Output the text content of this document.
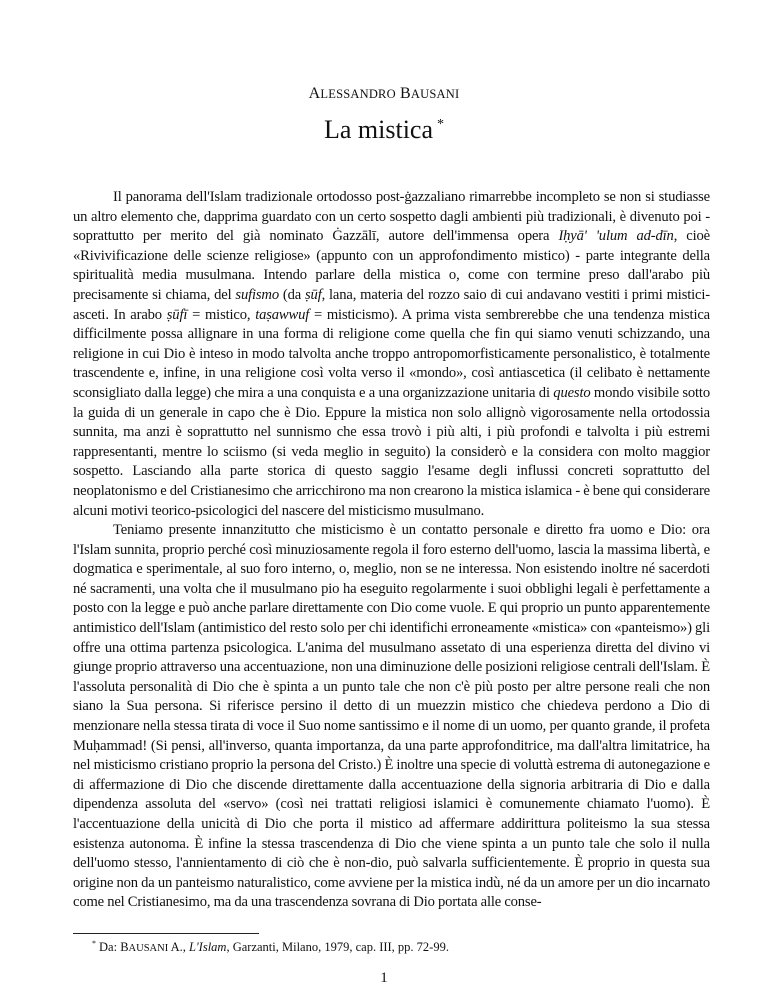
ALESSANDRO BAUSANI
La mistica *

Il panorama dell'Islam tradizionale ortodosso post-ġazzaliano rimarrebbe incompleto se non si studiasse un altro elemento che, dapprima guardato con un certo sospetto dagli ambienti più tradizionali, è divenuto poi - soprattutto per merito del già nominato Ġazzālī, autore dell'immensa opera Iḥyā' 'ulum ad-dīn, cioè «Rivivificazione delle scienze religiose» (appunto con un approfondimento mistico) - parte integrante della spiritualità media musulmana. Intendo parlare della mistica o, come con termine preso dall'arabo più precisamente si chiama, del sufismo (da ṣūf, lana, materia del rozzo saio di cui andavano vestiti i primi mistici-asceti. In arabo ṣūfī = mistico, taṣawwuf = misticismo). A prima vista sembrerebbe che una tendenza mistica difficilmente possa allignare in una forma di religione come quella che fin qui siamo venuti schizzando, una religione in cui Dio è inteso in modo talvolta anche troppo antropomorfisticamente personalistico, è totalmente trascendente e, infine, in una religione così volta verso il «mondo», così antiascetica (il celibato è nettamente sconsigliato dalla legge) che mira a una conquista e a una organizzazione unitaria di questo mondo visibile sotto la guida di un generale in capo che è Dio. Eppure la mistica non solo allignò vigorosamente nella ortodossia sunnita, ma anzi è soprattutto nel sunnismo che essa trovò i più alti, i più profondi e talvolta i più estremi rappresentanti, mentre lo sciismo (si veda meglio in seguito) la considerò e la considera con molto maggior sospetto. Lasciando alla parte storica di questo saggio l'esame degli influssi concreti soprattutto del neoplatonismo e del Cristianesimo che arricchirono ma non crearono la mistica islamica - è bene qui considerare alcuni motivi teorico-psicologici del nascere del misticismo musulmano.

Teniamo presente innanzitutto che misticismo è un contatto personale e diretto fra uomo e Dio: ora l'Islam sunnita, proprio perché così minuziosamente regola il foro esterno dell'uomo, lascia la massima libertà, e dogmatica e sperimentale, al suo foro interno, o, meglio, non se ne interessa. Non esistendo inoltre né sacerdoti né sacramenti, una volta che il musulmano pio ha eseguito regolarmente i suoi obblighi legali è perfettamente a posto con la legge e può anche parlare direttamente con Dio come vuole. E qui proprio un punto apparentemente antimistico dell'Islam (antimistico del resto solo per chi identifichi erroneamente «mistica» con «panteismo») gli offre una ottima partenza psicologica. L'anima del musulmano assetato di una esperienza diretta del divino vi giunge proprio attraverso una accentuazione, non una diminuzione delle posizioni religiose centrali dell'Islam. È l'assoluta personalità di Dio che è spinta a un punto tale che non c'è più posto per altre persone reali che non siano la Sua persona. Si riferisce persino il detto di un muezzin mistico che chiedeva perdono a Dio di menzionare nella stessa tirata di voce il Suo nome santissimo e il nome di un uomo, per quanto grande, il profeta Muḥammad! (Si pensi, all'inverso, quanta importanza, da una parte approfonditrice, ma dall'altra limitatrice, ha nel misticismo cristiano proprio la persona del Cristo.) È inoltre una specie di voluttà estrema di autonegazione e di affermazione di Dio che discende direttamente dalla accentuazione della signoria arbitraria di Dio e dalla dipendenza assoluta del «servo» (così nei trattati religiosi islamici è comunemente chiamato l'uomo). È l'accentuazione della unicità di Dio che porta il mistico ad affermare addirittura politeismo la sua stessa esistenza autonoma. È infine la stessa trascendenza di Dio che viene spinta a un punto tale che solo il nulla dell'uomo stesso, l'annientamento di ciò che è non-dio, può salvarla sufficientemente. È proprio in questa sua origine non da un panteismo naturalistico, come avviene per la mistica indù, né da un amore per un dio incarnato come nel Cristianesimo, ma da una trascendenza sovrana di Dio portata alle conse-

* Da: BAUSANI A., L'Islam, Garzanti, Milano, 1979, cap. III, pp. 72-99.
1
